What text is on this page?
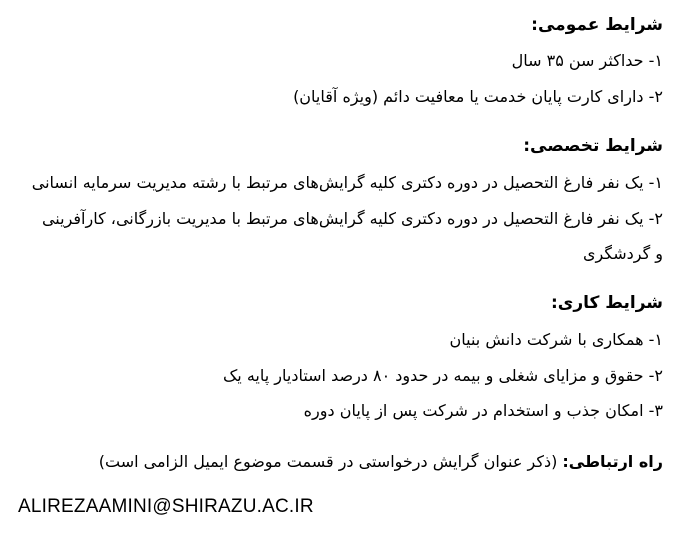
شرایط عمومی:
۱- حداکثر سن ۳۵ سال
۲- دارای کارت پایان خدمت یا معافیت دائم (ویژه آقایان)
شرایط تخصصی:
۱- یک نفر فارغ التحصیل در دوره دکتری کلیه گرایش‌های مرتبط با رشته مدیریت سرمایه انسانی
۲- یک نفر فارغ التحصیل در دوره دکتری کلیه گرایش‌های مرتبط با مدیریت بازرگانی، کارآفرینی
و گردشگری
شرایط کاری:
۱- همکاری با شرکت دانش بنیان
۲- حقوق و مزایای شغلی و بیمه در حدود ۸۰ درصد استادیار پایه یک
۳- امکان جذب و استخدام در شرکت پس از پایان دوره
راه ارتباطی: (ذکر عنوان گرایش درخواستی در قسمت موضوع ایمیل الزامی است)
ALIREZAAMINI@SHIRAZU.AC.IR
